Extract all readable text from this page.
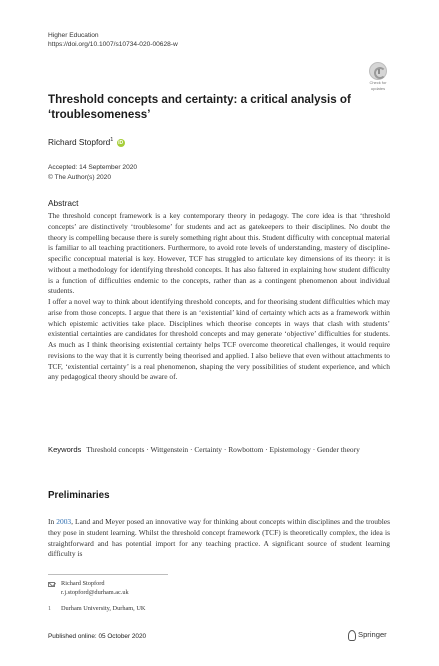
Higher Education
https://doi.org/10.1007/s10734-020-00628-w
Check for
updates
Threshold concepts and certainty: a critical analysis of ‘troublesomeness’
Richard Stopford$^1$ iD
Accepted: 14 September 2020
© The Author(s) 2020
Abstract

The threshold concept framework is a key contemporary theory in pedagogy. The core idea is that ‘threshold concepts’ are distinctively ‘troublesome’ for students and act as gatekeepers to their disciplines. No doubt the theory is compelling because there is surely something right about this. Student difficulty with conceptual material is familiar to all teaching practitioners. Furthermore, to avoid rote levels of understanding, mastery of discipline-specific conceptual material is key. However, TCF has struggled to articulate key dimensions of its theory: it is without a methodology for identifying threshold concepts. It has also faltered in explaining how student difficulty is a function of difficulties endemic to the concepts, rather than as a contingent phenomenon about individual students.

I offer a novel way to think about identifying threshold concepts, and for theorising student difficulties which may arise from those concepts. I argue that there is an ‘existential’ kind of certainty which acts as a framework within which epistemic activities take place. Disciplines which theorise concepts in ways that clash with students’ existential certainties are candidates for threshold concepts and may generate ‘objective’ difficulties for students. As much as I think theorising existential certainty helps TCF overcome theoretical challenges, it would require revisions to the way that it is currently being theorised and applied. I also believe that even without attachments to TCF, ‘existential certainty’ is a real phenomenon, shaping the very possibilities of student experience, and which any pedagogical theory should be aware of.

Keywords Threshold concepts · Wittgenstein · Certainty · Rowbottom · Epistemology · Gender theory
Preliminaries
In 2003, Land and Meyer posed an innovative way for thinking about concepts within disciplines and the troubles they pose in student learning. Whilst the threshold concept framework (TCF) is theoretically complex, the idea is straightforward and has potential import for any teaching practice. A significant source of student learning difficulty is
Richard Stopford
r.j.stopford@durham.ac.uk
1	Durham University, Durham, UK
Published online: 05 October 2020	Springer
